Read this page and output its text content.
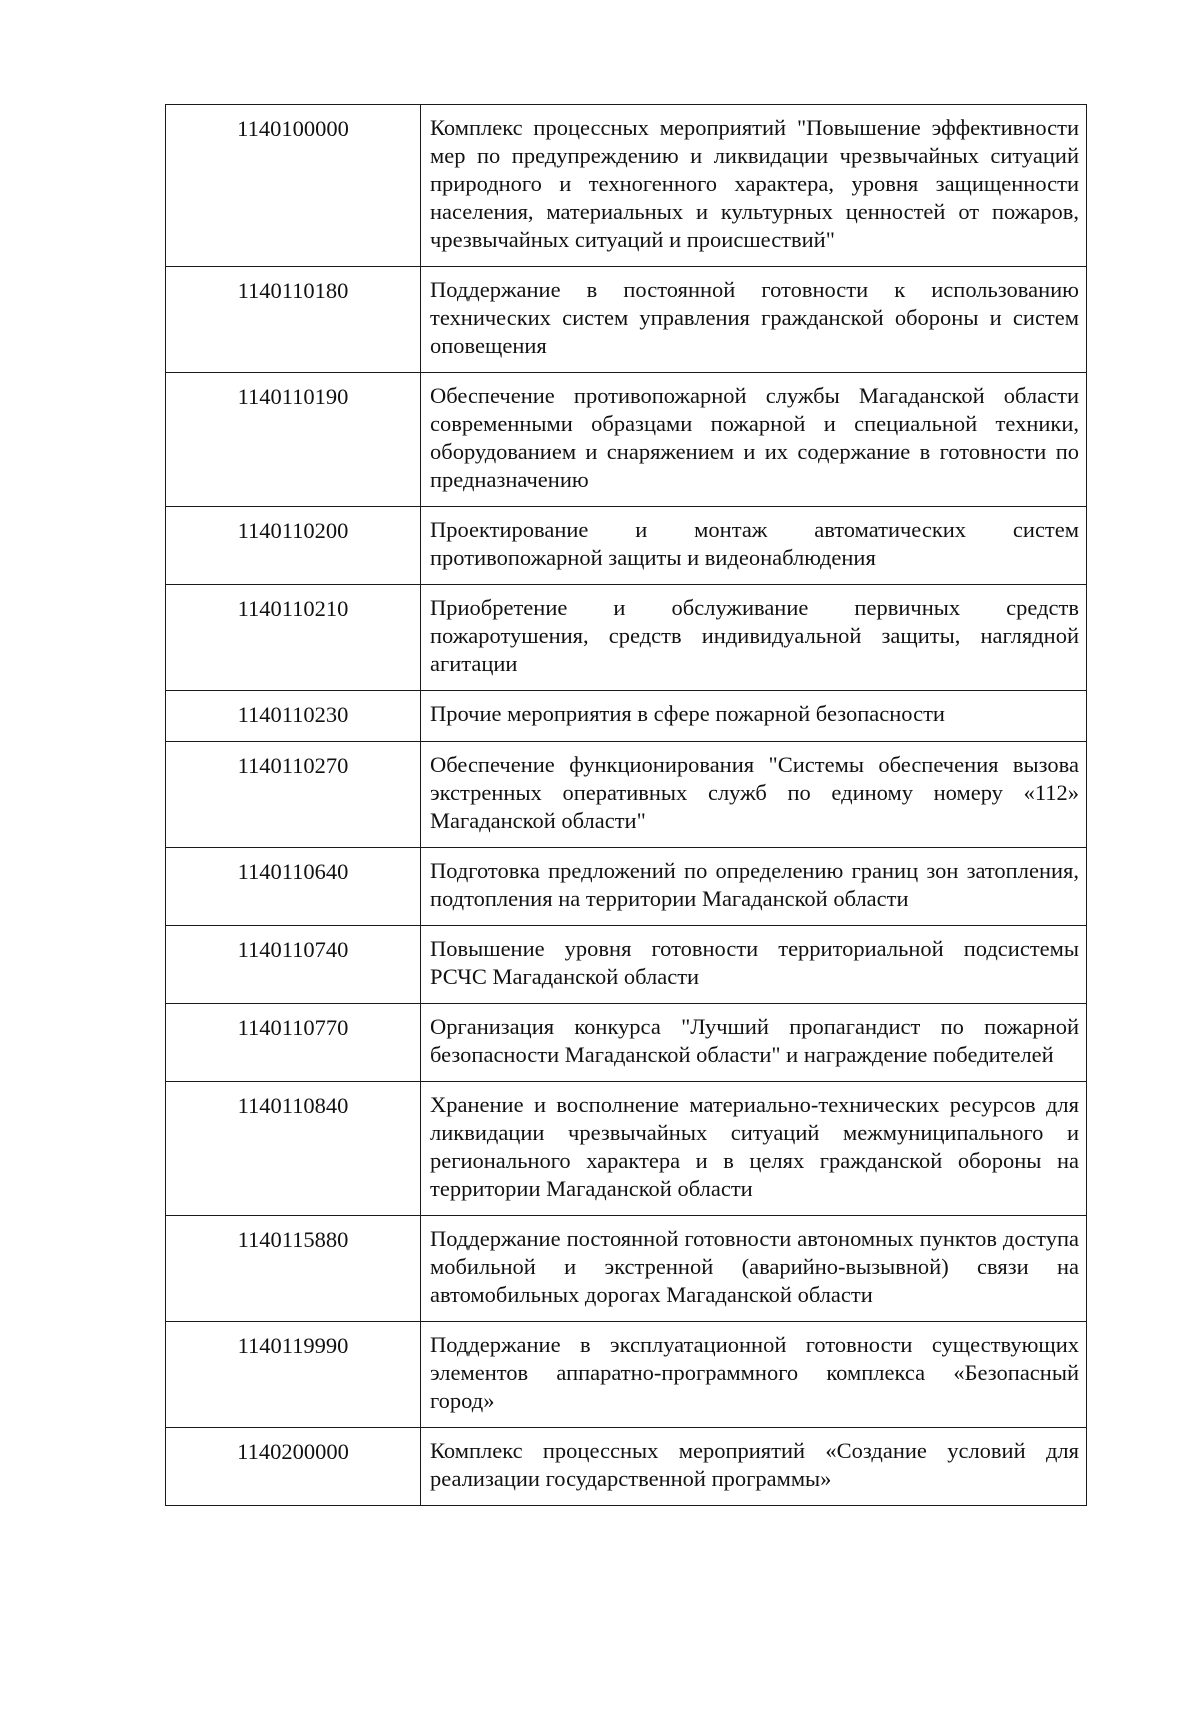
1140100000	Комплекс процессных мероприятий "Повышение эффективности мер по предупреждению и ликвидации чрезвычайных ситуаций природного и техногенного характера, уровня защищенности населения, материальных и культурных ценностей от пожаров, чрезвычайных ситуаций и происшествий"
1140110180	Поддержание в постоянной готовности к использованию технических систем управления гражданской обороны и систем оповещения
1140110190	Обеспечение противопожарной службы Магаданской области современными образцами пожарной и специальной техники, оборудованием и снаряжением и их содержание в готовности по предназначению
1140110200	Проектирование и монтаж автоматических систем противопожарной защиты и видеонаблюдения
1140110210	Приобретение и обслуживание первичных средств пожаротушения, средств индивидуальной защиты, наглядной агитации
1140110230	Прочие мероприятия в сфере пожарной безопасности
1140110270	Обеспечение функционирования "Системы обеспечения вызова экстренных оперативных служб по единому номеру «112» Магаданской области"
1140110640	Подготовка предложений по определению границ зон затопления, подтопления на территории Магаданской области
1140110740	Повышение уровня готовности территориальной подсистемы РСЧС Магаданской области
1140110770	Организация конкурса "Лучший пропагандист по пожарной безопасности Магаданской области" и награждение победителей
1140110840	Хранение и восполнение материально-технических ресурсов для ликвидации чрезвычайных ситуаций межмуниципального и регионального характера и в целях гражданской обороны на территории Магаданской области
1140115880	Поддержание постоянной готовности автономных пунктов доступа мобильной и экстренной (аварийно-вызывной) связи на автомобильных дорогах Магаданской области
1140119990	Поддержание в эксплуатационной готовности существующих элементов аппаратно-программного комплекса «Безопасный город»
1140200000	Комплекс процессных мероприятий «Создание условий для реализации государственной программы»
